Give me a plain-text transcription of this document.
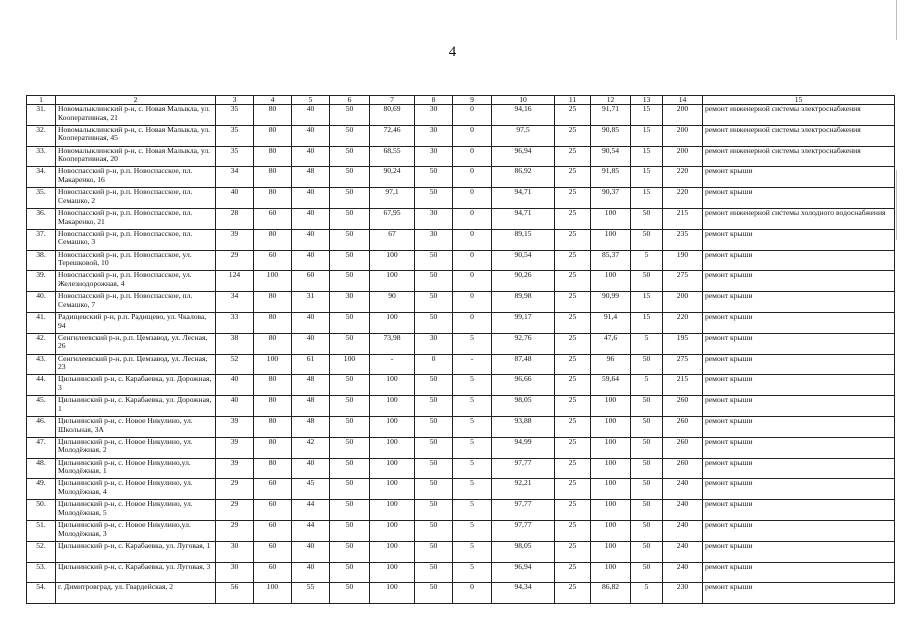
4
1	2	3	4	5	6	7	8	9	10	11	12	13	14	15
31.	Новомалыклинский р-н, с. Новая Малыкла, ул. Кооперативная, 21	35	80	40	50	80,69	30	0	94,16	25	91,71	15	200	ремонт инженерной системы электроснабжения
32.	Новомалыклинский р-н, с. Новая Малыкла, ул. Кооперативная, 45	35	80	40	50	72,46	30	0	97,5	25	90,85	15	200	ремонт инженерной системы электроснабжения
33.	Новомалыклинский р-н, с. Новая Малыкла, ул. Кооперативная, 20	35	80	40	50	68,55	30	0	96,94	25	90,54	15	200	ремонт инженерной системы электроснабжения
34.	Новоспасский р-н, р.п. Новоспасское, пл. Макаренко, 16	34	80	48	50	90,24	50	0	86,92	25	91,85	15	220	ремонт крыши
35.	Новоспасский р-н, р.п. Новоспасское, пл. Семашко, 2	40	80	40	50	97,1	50	0	94,71	25	90,37	15	220	ремонт крыши
36.	Новоспасский р-н, р.п. Новоспасское, пл. Макаренко, 21	28	60	40	50	67,95	30	0	94,71	25	100	50	215	ремонт инженерной системы холодного водоснабжения
37.	Новоспасский р-н, р.п. Новоспасское, пл. Семашко, 3	39	80	40	50	67	30	0	89,15	25	100	50	235	ремонт крыши
38.	Новоспасский р-н, р.п. Новоспасское, ул. Терешковой, 10	29	60	40	50	100	50	0	90,54	25	85,37	5	190	ремонт крыши
39.	Новоспасский р-н, р.п. Новоспасское, ул. Железнодорожная, 4	124	100	60	50	100	50	0	90,26	25	100	50	275	ремонт крыши
40.	Новоспасский р-н, р.п. Новоспасское, пл. Семашко, 7	34	80	31	30	90	50	0	89,98	25	90,99	15	200	ремонт крыши
41.	Радищевский р-н, р.п. Радищево, ул. Чкалова, 94	33	80	40	50	100	50	0	99,17	25	91,4	15	220	ремонт крыши
42.	Сенгилеевский р-н, р.п. Цемзавод, ул. Лесная, 26	38	80	40	50	73,98	30	5	92,76	25	47,6	5	195	ремонт крыши
43.	Сенгилеевский р-н, р.п. Цемзавод, ул. Лесная, 23	52	100	61	100	-	0	-	87,48	25	96	50	275	ремонт крыши
44.	Цильнинский р-н, с. Карабаевка, ул. Дорожная, 3	40	80	48	50	100	50	5	96,66	25	59,64	5	215	ремонт крыши
45.	Цильнинский р-н, с. Карабаевка, ул. Дорожная, 1	40	80	48	50	100	50	5	98,05	25	100	50	260	ремонт крыши
46.	Цильнинский р-н, с. Новое Никулино, ул. Школьная, 3А	39	80	48	50	100	50	5	93,88	25	100	50	260	ремонт крыши
47.	Цильнинский р-н, с. Новое Никулино, ул. Молодёжная, 2	39	80	42	50	100	50	5	94,99	25	100	50	260	ремонт крыши
48.	Цильнинский р-н, с. Новое Никулино,ул. Молодёжная, 1	39	80	40	50	100	50	5	97,77	25	100	50	260	ремонт крыши
49.	Цильнинский р-н, с. Новое Никулино, ул. Молодёжная, 4	29	60	45	50	100	50	5	92,21	25	100	50	240	ремонт крыши
50.	Цильнинский р-н, с. Новое Никулино, ул. Молодёжная, 5	29	60	44	50	100	50	5	97,77	25	100	50	240	ремонт крыши
51.	Цильнинский р-н, с. Новое Никулино,ул. Молодёжная, 3	29	60	44	50	100	50	5	97,77	25	100	50	240	ремонт крыши
52.	Цильнинский р-н, с. Карабаевка, ул. Луговая, 1	30	60	40	50	100	50	5	98,05	25	100	50	240	ремонт крыши
53.	Цильнинский р-н, с. Карабаевка, ул. Луговая, 3	30	60	40	50	100	50	5	96,94	25	100	50	240	ремонт крыши
54.	г. Димитровград, ул. Гвардейская, 2	56	100	55	50	100	50	0	94,34	25	86,82	5	230	ремонт крыши
